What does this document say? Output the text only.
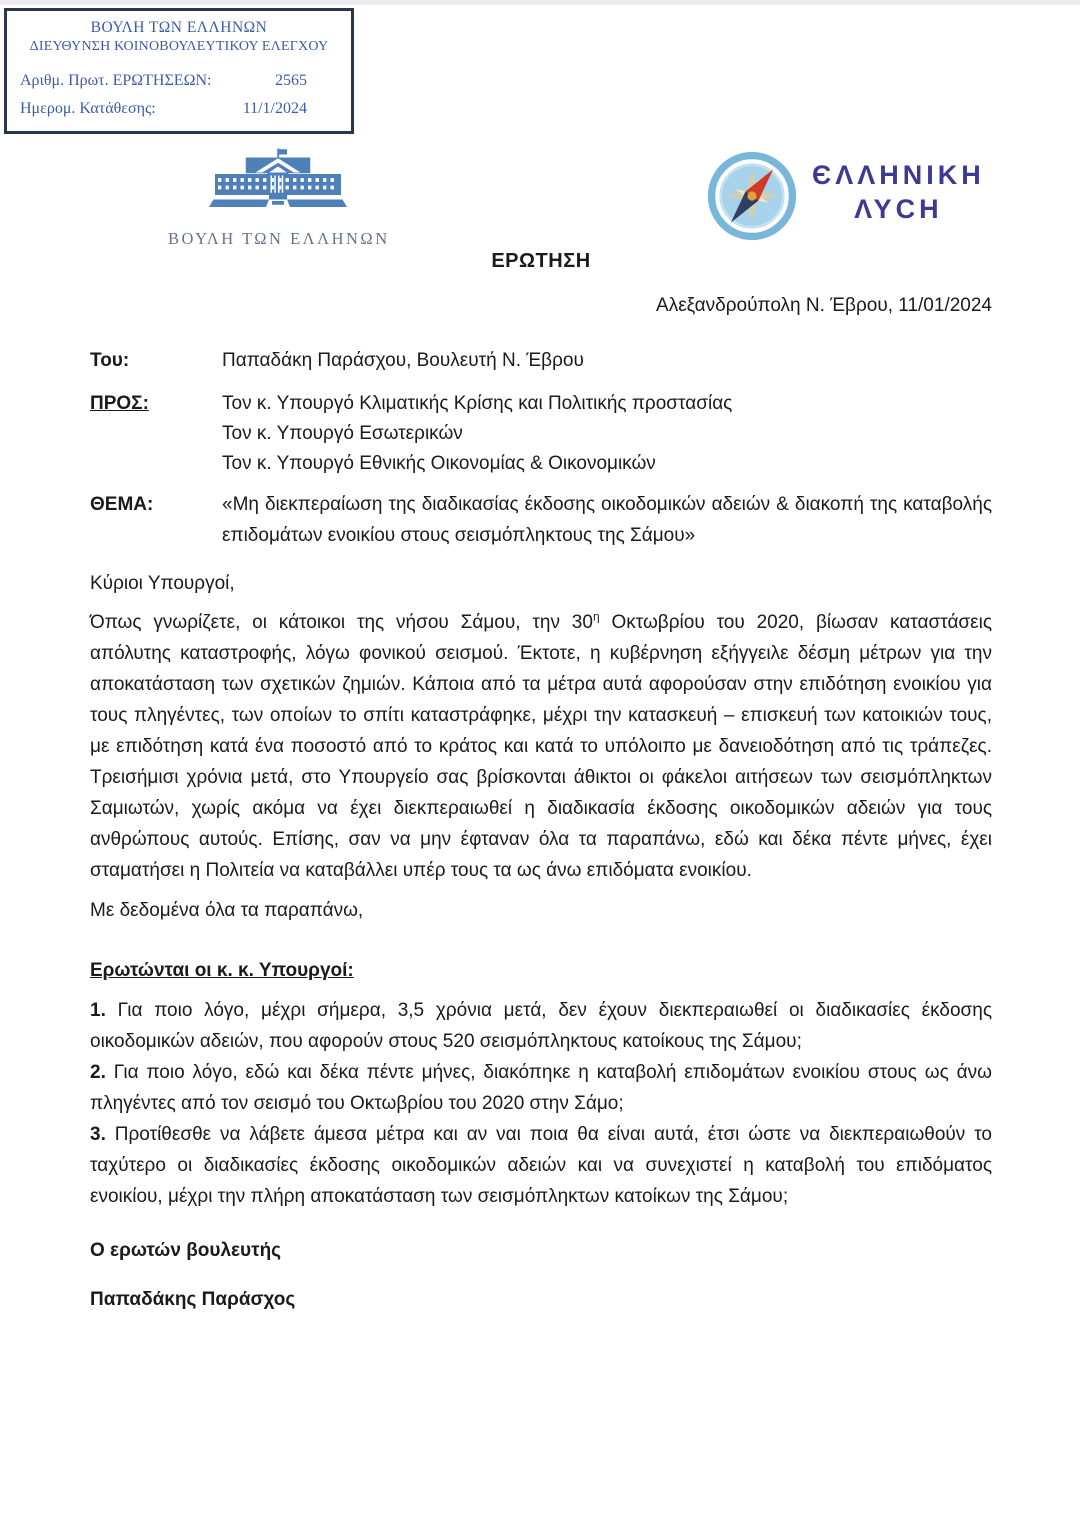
ΒΟΥΛΗ ΤΩΝ ΕΛΛΗΝΩΝ
ΔΙΕΥΘΥΝΣΗ ΚΟΙΝΟΒΟΥΛΕΥΤΙΚΟΥ ΕΛΕΓΧΟΥ
Αριθμ. Πρωτ. ΕΡΩΤΗΣΕΩΝ:	2565
Ημερομ. Κατάθεσης:	11/1/2024
ΒΟΥΛΗ ΤΩΝ ΕΛΛΗΝΩΝ
ЄΛΛΗΝΙΚΗ
ΛΥCΗ
ΕΡΩΤΗΣΗ
Αλεξανδρούπολη Ν. Έβρου, 11/01/2024
Του:	Παπαδάκη Παράσχου, Βουλευτή Ν. Έβρου
ΠΡΟΣ:	Τον κ. Υπουργό Κλιματικής Κρίσης και Πολιτικής προστασίας
Τον κ. Υπουργό Εσωτερικών
Τον κ. Υπουργό Εθνικής Οικονομίας & Οικονομικών
ΘΕΜΑ:	«Μη διεκπεραίωση της διαδικασίας έκδοσης οικοδομικών αδειών & διακοπή της καταβολής επιδομάτων ενοικίου στους σεισμόπληκτους της Σάμου»

Κύριοι Υπουργοί,

Όπως γνωρίζετε, οι κάτοικοι της νήσου Σάμου, την $30^\eta$ Οκτωβρίου του 2020, βίωσαν καταστάσεις απόλυτης καταστροφής, λόγω φονικού σεισμού. Έκτοτε, η κυβέρνηση εξήγγειλε δέσμη μέτρων για την αποκατάσταση των σχετικών ζημιών. Κάποια από τα μέτρα αυτά αφορούσαν στην επιδότηση ενοικίου για τους πληγέντες, των οποίων το σπίτι καταστράφηκε, μέχρι την κατασκευή – επισκευή των κατοικιών τους, με επιδότηση κατά ένα ποσοστό από το κράτος και κατά το υπόλοιπο με δανειοδότηση από τις τράπεζες. Τρεισήμισι χρόνια μετά, στο Υπουργείο σας βρίσκονται άθικτοι οι φάκελοι αιτήσεων των σεισμόπληκτων Σαμιωτών, χωρίς ακόμα να έχει διεκπεραιωθεί η διαδικασία έκδοσης οικοδομικών αδειών για τους ανθρώπους αυτούς. Επίσης, σαν να μην έφταναν όλα τα παραπάνω, εδώ και δέκα πέντε μήνες, έχει σταματήσει η Πολιτεία να καταβάλλει υπέρ τους τα ως άνω επιδόματα ενοικίου.

Με δεδομένα όλα τα παραπάνω,

Ερωτώνται οι κ. κ. Υπουργοί:

1. Για ποιο λόγο, μέχρι σήμερα, 3,5 χρόνια μετά, δεν έχουν διεκπεραιωθεί οι διαδικασίες έκδοσης οικοδομικών αδειών, που αφορούν στους 520 σεισμόπληκτους κατοίκους της Σάμου;

2. Για ποιο λόγο, εδώ και δέκα πέντε μήνες, διακόπηκε η καταβολή επιδομάτων ενοικίου στους ως άνω πληγέντες από τον σεισμό του Οκτωβρίου του 2020 στην Σάμο;

3. Προτίθεσθε να λάβετε άμεσα μέτρα και αν ναι ποια θα είναι αυτά, έτσι ώστε να διεκπεραιωθούν το ταχύτερο οι διαδικασίες έκδοσης οικοδομικών αδειών και να συνεχιστεί η καταβολή του επιδόματος ενοικίου, μέχρι την πλήρη αποκατάσταση των σεισμόπληκτων κατοίκων της Σάμου;

Ο ερωτών βουλευτής

Παπαδάκης Παράσχος
